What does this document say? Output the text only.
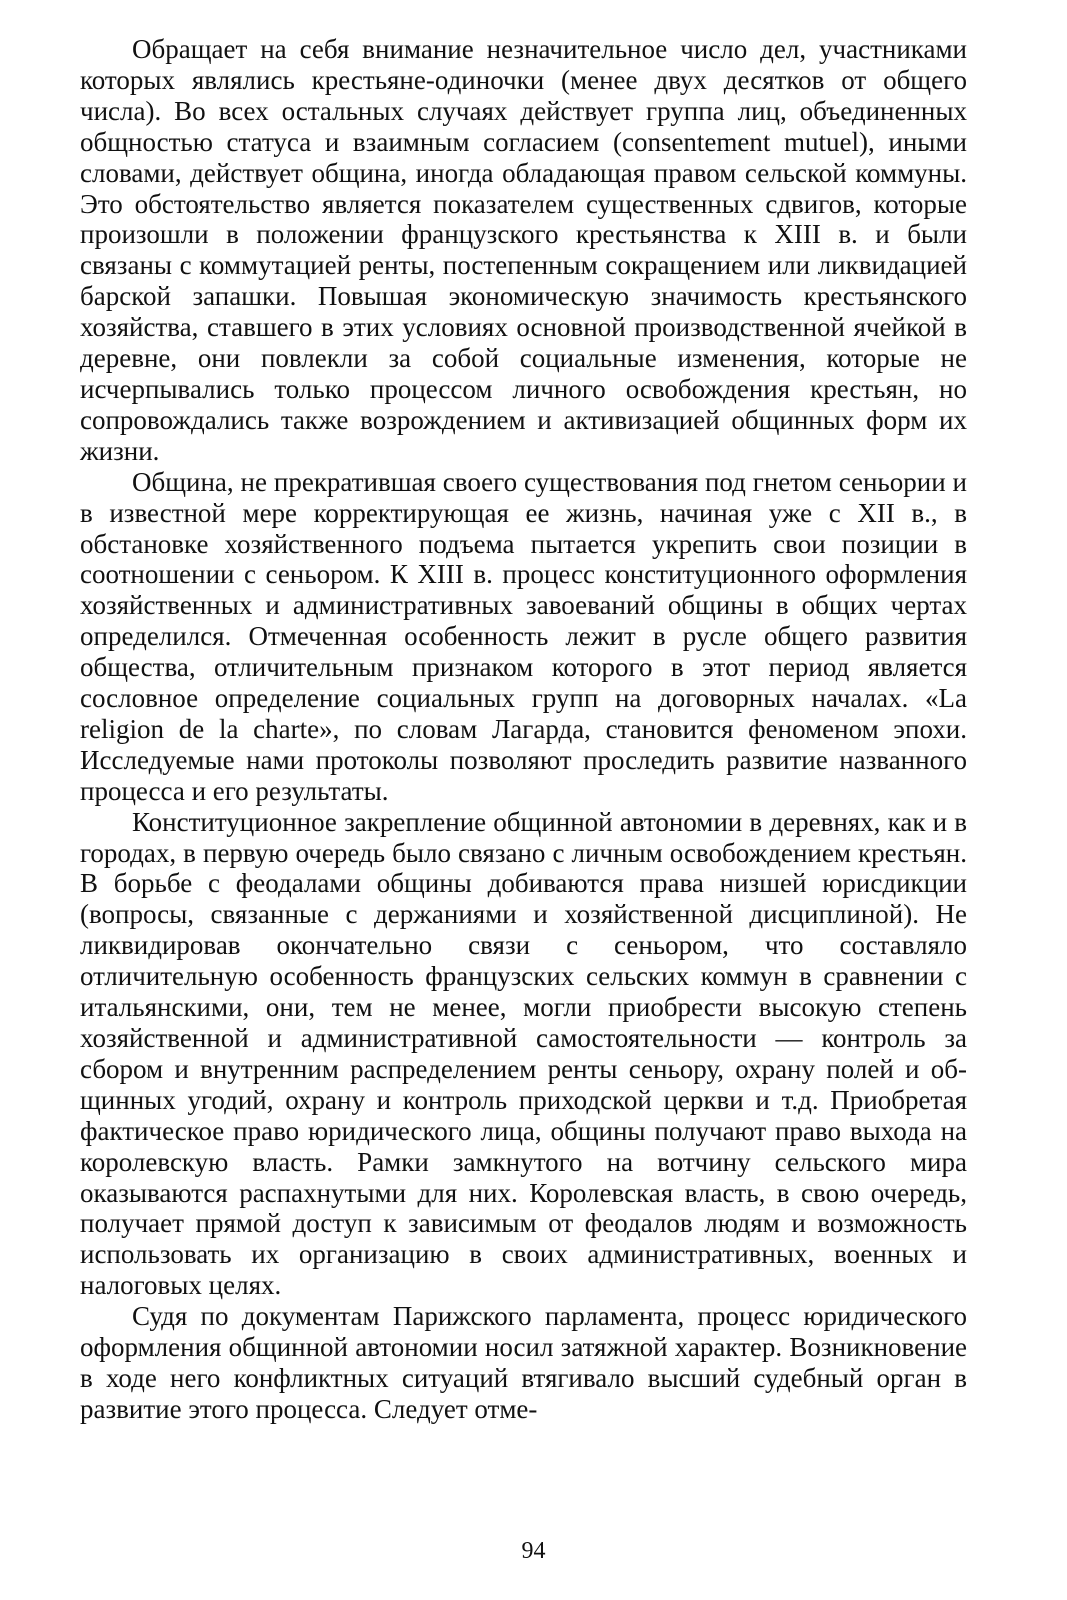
Обращает на себя внимание незначительное число дел, участниками которых являлись крестьяне-одиночки (менее двух десятков от общего числа). Во всех остальных случаях действует группа лиц, объединенных общностью статуса и взаимным согласием (consentement mutuel), иными словами, действует община, иногда обладающая правом сельской коммуны. Это обстоятельство является показателем существенных сдвигов, которые произошли в положении французского крестьянства к XIII в. и были связаны с коммутацией ренты, постепенным сокращением или ликвидацией барской запашки. Повышая экономическую значимость крестьянского хозяйства, ставшего в этих условиях основной производственной ячейкой в деревне, они повлекли за собой социальные изменения, которые не исчерпывались только процессом личного освобождения крестьян, но сопровождались также возрождением и активизацией общинных форм их жизни.

Община, не прекратившая своего существования под гнетом сеньории и в известной мере корректирующая ее жизнь, начиная уже с XII в., в обстановке хозяйственного подъема пытается укрепить свои позиции в соотношении с сеньором. К XIII в. процесс конституционного оформления хозяйственных и административных завоеваний общины в общих чертах определился. Отмеченная особенность лежит в русле общего развития общества, отличительным признаком которого в этот период является сословное определение социальных групп на договорных началах. «La religion de la charte», по словам Лагарда, становится феноменом эпохи. Исследуемые нами протоколы позволяют проследить развитие названного процесса и его результаты.

Конституционное закрепление общинной автономии в деревнях, как и в городах, в первую очередь было связано с личным освобождением крестьян. В борьбе с феодалами общины добиваются права низшей юрисдикции (вопросы, связанные с держаниями и хозяйственной дисциплиной). Не ликвидировав окончательно связи с сеньором, что составляло отличительную особенность французских сельских коммун в сравнении с итальянскими, они, тем не менее, могли приобрести высокую степень хозяйственной и административной самостоятельности — контроль за сбором и внутренним распределением ренты сеньору, охрану полей и общинных угодий, охрану и контроль приходской церкви и т.д. Приобретая фактическое право юридического лица, общины получают право выхода на королевскую власть. Рамки замкнутого на вотчину сельского мира оказываются распахнутыми для них. Королевская власть, в свою очередь, получает прямой доступ к зависимым от феодалов людям и возможность использовать их организацию в своих административных, военных и налоговых целях.

Судя по документам Парижского парламента, процесс юридического оформления общинной автономии носил затяжной характер. Возникновение в ходе него конфликтных ситуаций втягивало высший судебный орган в развитие этого процесса. Следует отме-

94
